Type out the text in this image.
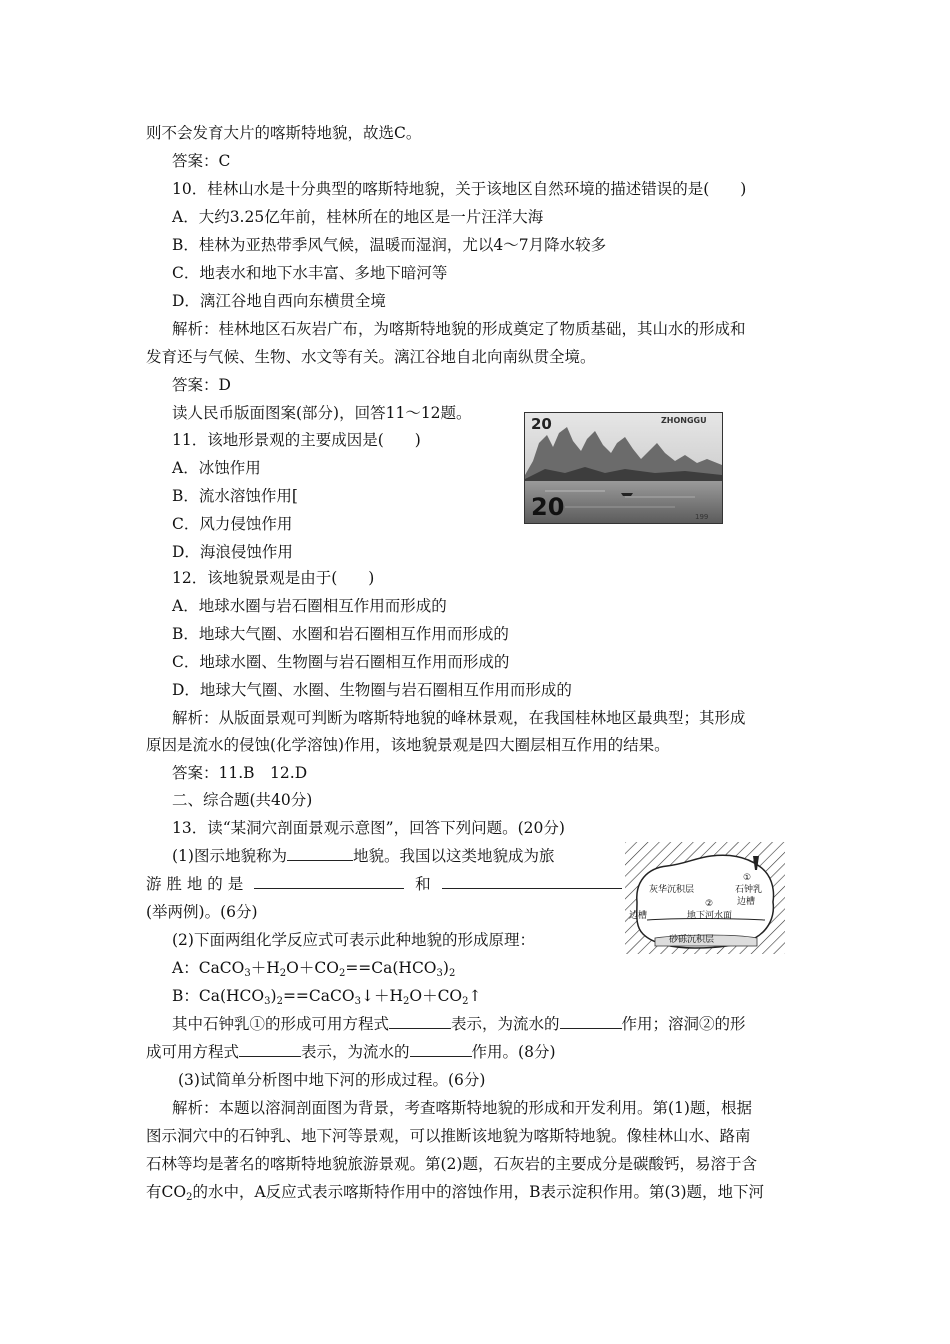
则不会发育大片的喀斯特地貌，故选C。
答案：C
10．桂林山水是十分典型的喀斯特地貌，关于该地区自然环境的描述错误的是(　　)
A．大约3.25亿年前，桂林所在的地区是一片汪洋大海
B．桂林为亚热带季风气候，温暖而湿润，尤以4～7月降水较多
C．地表水和地下水丰富、多地下暗河等
D．漓江谷地自西向东横贯全境
解析：桂林地区石灰岩广布，为喀斯特地貌的形成奠定了物质基础，其山水的形成和
发育还与气候、生物、水文等有关。漓江谷地自北向南纵贯全境。
答案：D
读人民币版面图案(部分)，回答11～12题。
11．该地形景观的主要成因是(　　)
A．冰蚀作用
B．流水溶蚀作用[
C．风力侵蚀作用
D．海浪侵蚀作用
12．该地貌景观是由于(　　)
A．地球水圈与岩石圈相互作用而形成的
B．地球大气圈、水圈和岩石圈相互作用而形成的
C．地球水圈、生物圈与岩石圈相互作用而形成的
D．地球大气圈、水圈、生物圈与岩石圈相互作用而形成的
解析：从版面景观可判断为喀斯特地貌的峰林景观，在我国桂林地区最典型；其形成
原因是流水的侵蚀(化学溶蚀)作用，该地貌景观是四大圈层相互作用的结果。
答案：11.B　12.D
二、综合题(共40分)
13．读“某洞穴剖面景观示意图”，回答下列问题。(20分)
(1)图示地貌称为	地貌。我国以这类地貌成为旅
游 胜 地 的 是	和
(举两例)。(6分)
(2)下面两组化学反应式可表示此种地貌的形成原理：
A：$CaCO_3+H_2O+CO_2==Ca(HCO_3)_2$
B：$Ca(HCO_3)_2==CaCO_3↓+H_2O+CO_2↑$
其中石钟乳①的形成可用方程式	表示，为流水的	作用；溶洞②的形
成可用方程式	表示，为流水的	作用。(8分)
(3)试简单分析图中地下河的形成过程。(6分)
解析：本题以溶洞剖面图为背景，考查喀斯特地貌的形成和开发利用。第(1)题，根据
图示洞穴中的石钟乳、地下河等景观，可以推断该地貌为喀斯特地貌。像桂林山水、路南
石林等均是著名的喀斯特地貌旅游景观。第(2)题，石灰岩的主要成分是碳酸钙，易溶于含
有$CO_2$的水中，A反应式表示喀斯特作用中的溶蚀作用，B表示淀积作用。第(3)题，地下河
20
20
ZHONGGU
199
灰华沉积层
①
石钟乳
边槽
②
边槽	地下河水面
砂砾沉积层
